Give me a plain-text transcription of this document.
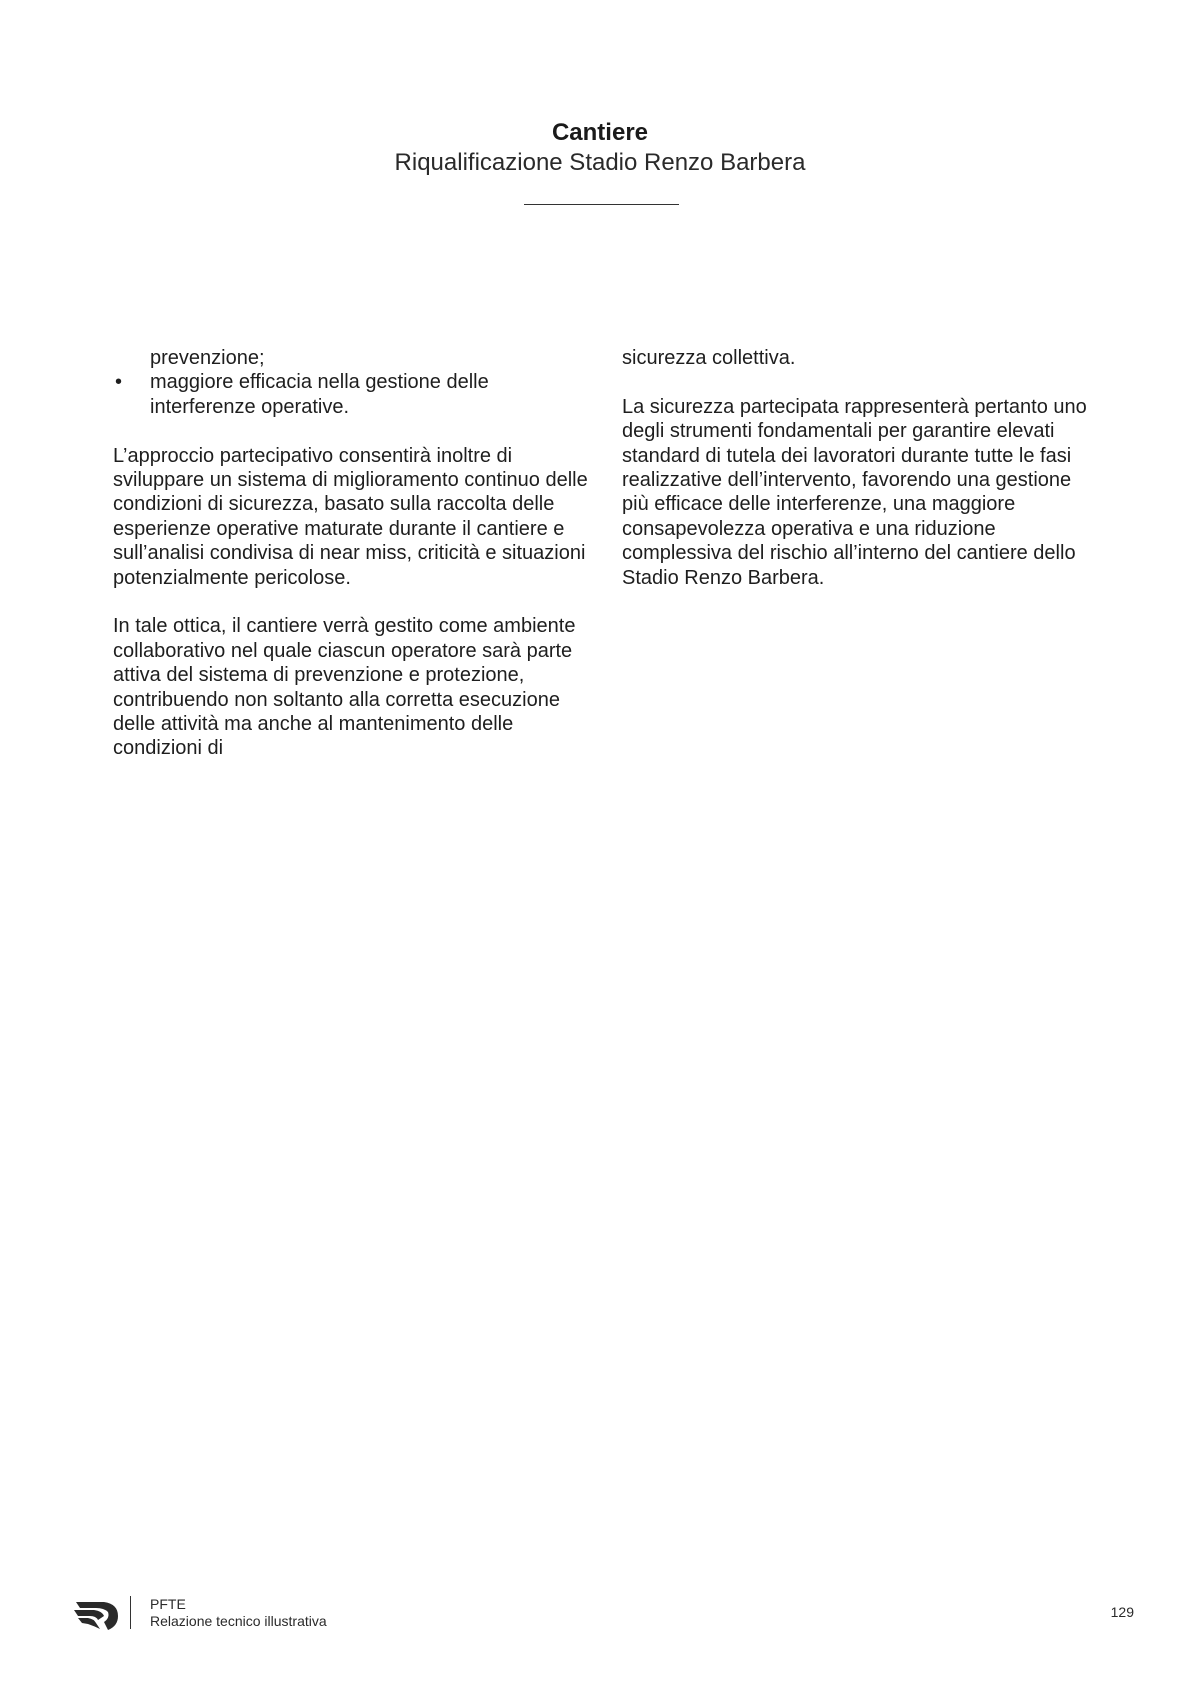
Cantiere
Riqualificazione Stadio Renzo Barbera
prevenzione;
• maggiore efficacia nella gestione delle
interferenze operative.

L’approccio partecipativo consentirà inoltre di sviluppare un sistema di miglioramento continuo delle condizioni di sicurezza, basato sulla raccolta delle esperienze operative maturate durante il cantiere e sull’analisi condivisa di near miss, criticità e situazioni potenzialmente pericolose.

In tale ottica, il cantiere verrà gestito come ambiente collaborativo nel quale ciascun operatore sarà parte attiva del sistema di prevenzione e protezione, contribuendo non soltanto alla corretta esecuzione delle attività ma anche al mantenimento delle condizioni di

sicurezza collettiva.

La sicurezza partecipata rappresenterà pertanto uno degli strumenti fondamentali per garantire elevati standard di tutela dei lavoratori durante tutte le fasi realizzative dell’intervento, favorendo una gestione più efficace delle interferenze, una maggiore consapevolezza operativa e una riduzione complessiva del rischio all’interno del cantiere dello Stadio Renzo Barbera.

PFTE
Relazione tecnico illustrativa
129
